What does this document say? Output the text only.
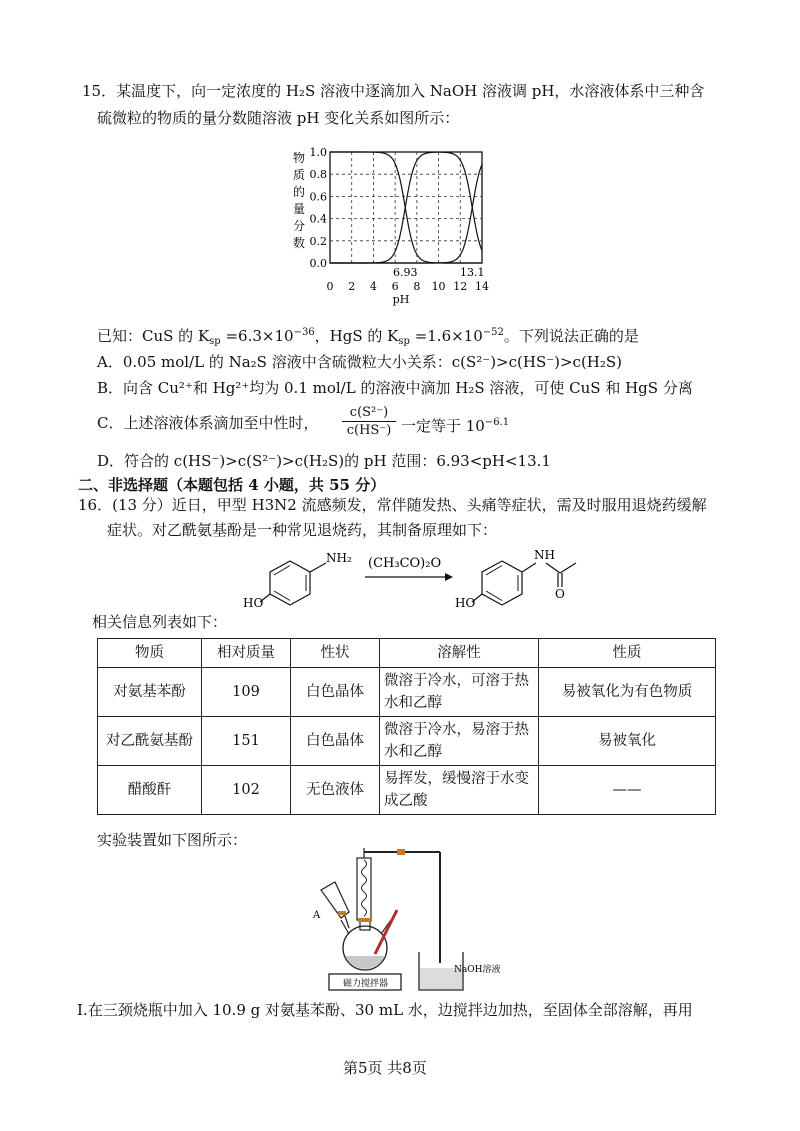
15．某温度下，向一定浓度的 H₂S 溶液中逐滴加入 NaOH 溶液调 pH，水溶液体系中三种含
硫微粒的物质的量分数随溶液 pH 变化关系如图所示：
0.0
0.2
0.4
0.6
0.8
1.0
0 2 4 6 8 10 12 14
6.93	13.1
pH
物
质
的
量
分
数
已知：CuS 的 $K_{sp} =6.3\times 10^{-36}$，HgS 的 $K_{sp} =1.6\times 10^{-52}$。下列说法正确的是
A．0.05 mol/L 的 Na₂S 溶液中含硫微粒大小关系：c(S²⁻)>c(HS⁻)>c(H₂S)
B．向含 Cu²⁺和 Hg²⁺均为 0.1 mol/L 的溶液中滴加 H₂S 溶液，可使 CuS 和 HgS 分离
C．上述溶液体系滴加至中性时， $\frac{\text{c(S²⁻)}}{c(HS^-)}$ 一定等于 $10^{-6.1}$
D．符合的 c(HS⁻)>c(S²⁻)>c(H₂S)的 pH 范围：6.93<pH<13.1
二、非选择题（本题包括 4 小题，共 55 分）
16．(13 分）近日，甲型 H3N2 流感频发，常伴随发热、头痛等症状，需及时服用退烧药缓解
症状。对乙酰氨基酚是一种常见退烧药，其制备原理如下：
NH₂
HO
(CH₃CO)₂O
NH
O
HO
相关信息列表如下：
物质	相对质量	性状	溶解性	性质
对氨基苯酚	109	白色晶体	微溶于冷水，可溶于热水和乙醇	易被氧化为有色物质
对乙酰氨基酚	151	白色晶体	微溶于冷水，易溶于热水和乙醇	易被氧化
醋酸酐	102	无色液体	易挥发，缓慢溶于水变成乙酸	——
实验装置如下图所示：
A
磁力搅拌器
NaOH溶液
I.在三颈烧瓶中加入 10.9 g 对氨基苯酚、30 mL 水，边搅拌边加热，至固体全部溶解，再用
第5页 共8页
